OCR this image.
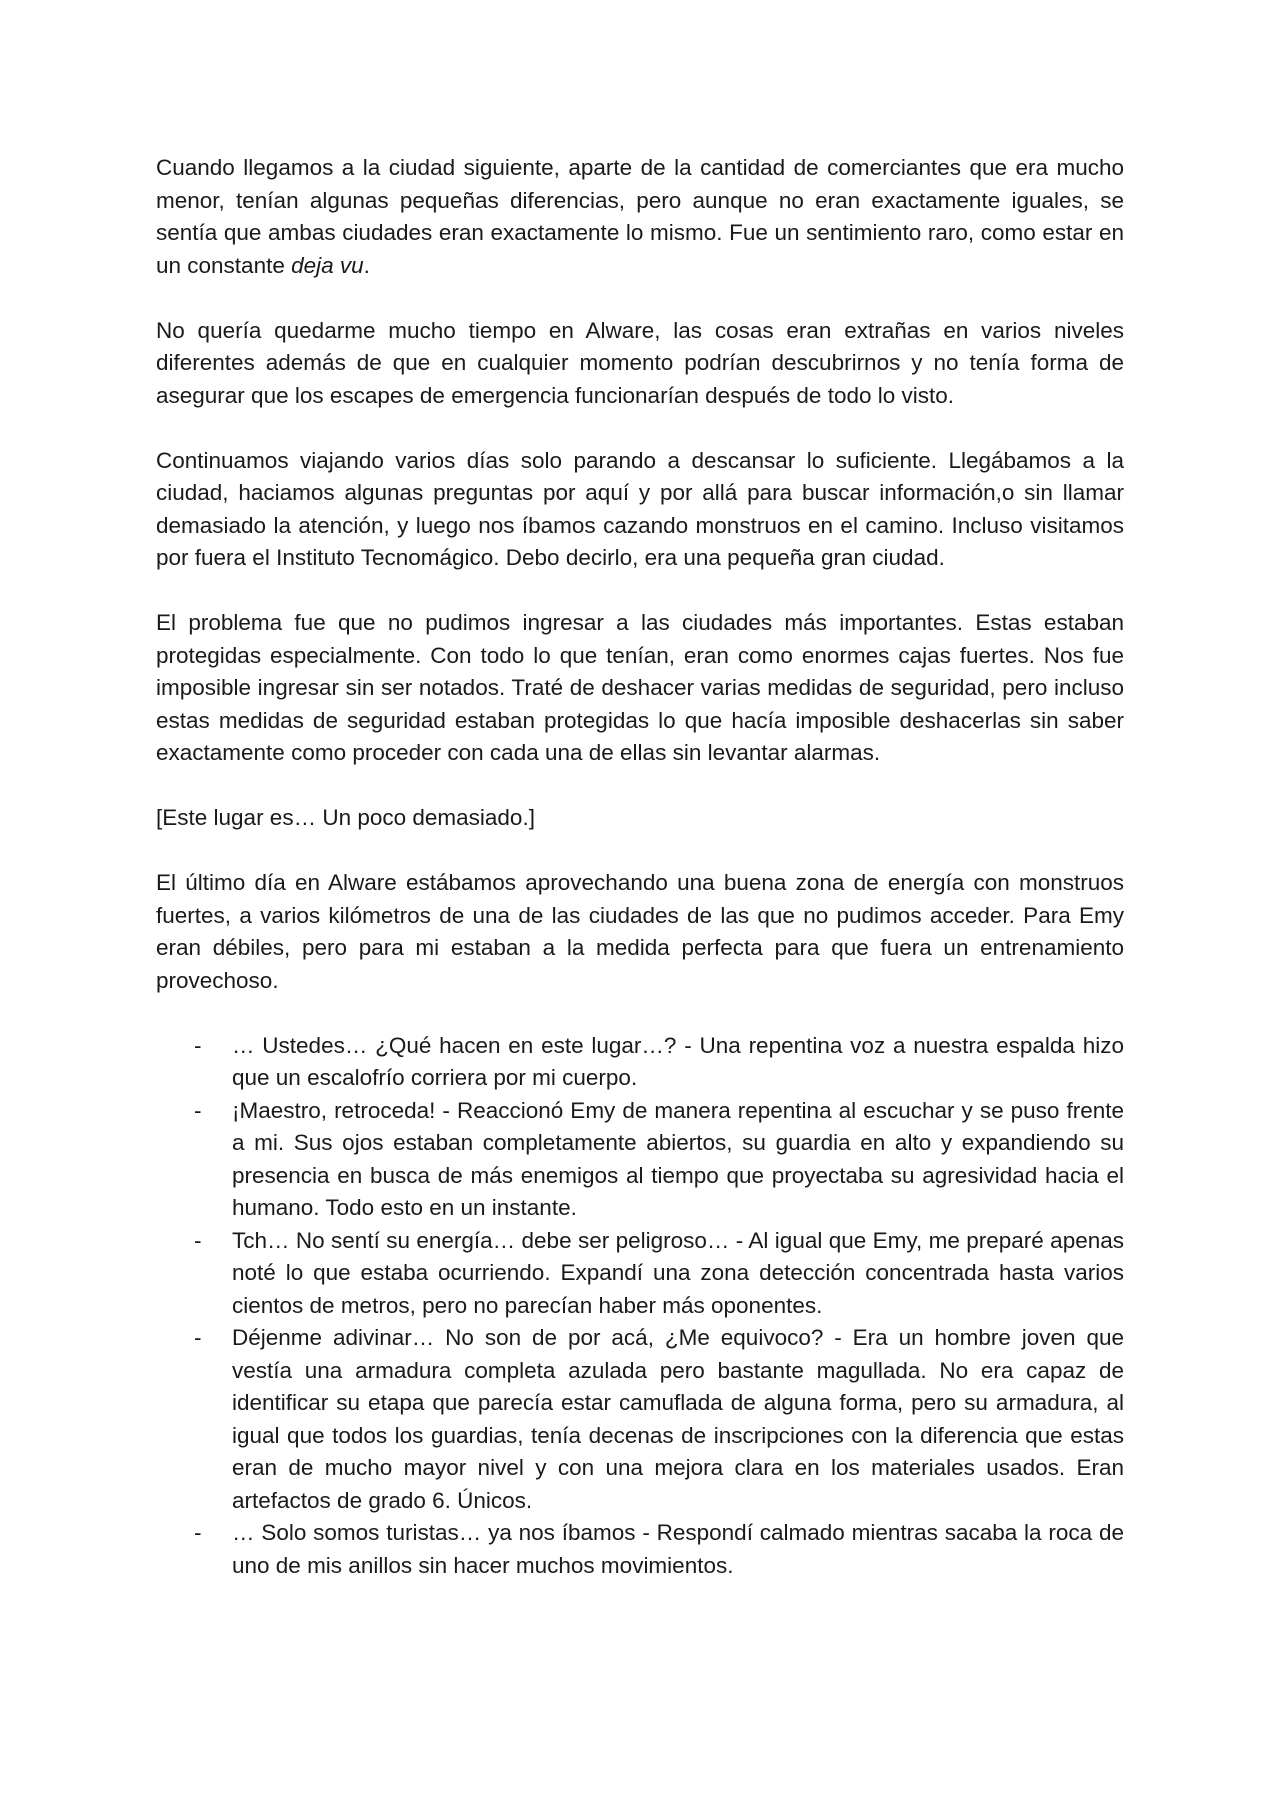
Cuando llegamos a la ciudad siguiente, aparte de la cantidad de comerciantes que era mucho menor, tenían algunas pequeñas diferencias, pero aunque no eran exactamente iguales, se sentía que ambas ciudades eran exactamente lo mismo. Fue un sentimiento raro, como estar en un constante deja vu.

No quería quedarme mucho tiempo en Alware, las cosas eran extrañas en varios niveles diferentes además de que en cualquier momento podrían descubrirnos y no tenía forma de asegurar que los escapes de emergencia funcionarían después de todo lo visto.

Continuamos viajando varios días solo parando a descansar lo suficiente. Llegábamos a la ciudad, haciamos algunas preguntas por aquí y por allá para buscar información,o sin llamar demasiado la atención, y luego nos íbamos cazando monstruos en el camino. Incluso visitamos por fuera el Instituto Tecnomágico. Debo decirlo, era una pequeña gran ciudad.

El problema fue que no pudimos ingresar a las ciudades más importantes. Estas estaban protegidas especialmente. Con todo lo que tenían, eran como enormes cajas fuertes. Nos fue imposible ingresar sin ser notados. Traté de deshacer varias medidas de seguridad, pero incluso estas medidas de seguridad estaban protegidas lo que hacía imposible deshacerlas sin saber exactamente como proceder con cada una de ellas sin levantar alarmas.

[Este lugar es… Un poco demasiado.]

El último día en Alware estábamos aprovechando una buena zona de energía con monstruos fuertes, a varios kilómetros de una de las ciudades de las que no pudimos acceder. Para Emy eran débiles, pero para mi estaban a la medida perfecta para que fuera un entrenamiento provechoso.

- … Ustedes… ¿Qué hacen en este lugar…? - Una repentina voz a nuestra espalda hizo que un escalofrío corriera por mi cuerpo.
- ¡Maestro, retroceda! - Reaccionó Emy de manera repentina al escuchar y se puso frente a mi. Sus ojos estaban completamente abiertos, su guardia en alto y expandiendo su presencia en busca de más enemigos al tiempo que proyectaba su agresividad hacia el humano. Todo esto en un instante.
- Tch… No sentí su energía… debe ser peligroso… - Al igual que Emy, me preparé apenas noté lo que estaba ocurriendo. Expandí una zona detección concentrada hasta varios cientos de metros, pero no parecían haber más oponentes.
- Déjenme adivinar… No son de por acá, ¿Me equivoco? - Era un hombre joven que vestía una armadura completa azulada pero bastante magullada. No era capaz de identificar su etapa que parecía estar camuflada de alguna forma, pero su armadura, al igual que todos los guardias, tenía decenas de inscripciones con la diferencia que estas eran de mucho mayor nivel y con una mejora clara en los materiales usados. Eran artefactos de grado 6. Únicos.
- … Solo somos turistas… ya nos íbamos - Respondí calmado mientras sacaba la roca de uno de mis anillos sin hacer muchos movimientos.
